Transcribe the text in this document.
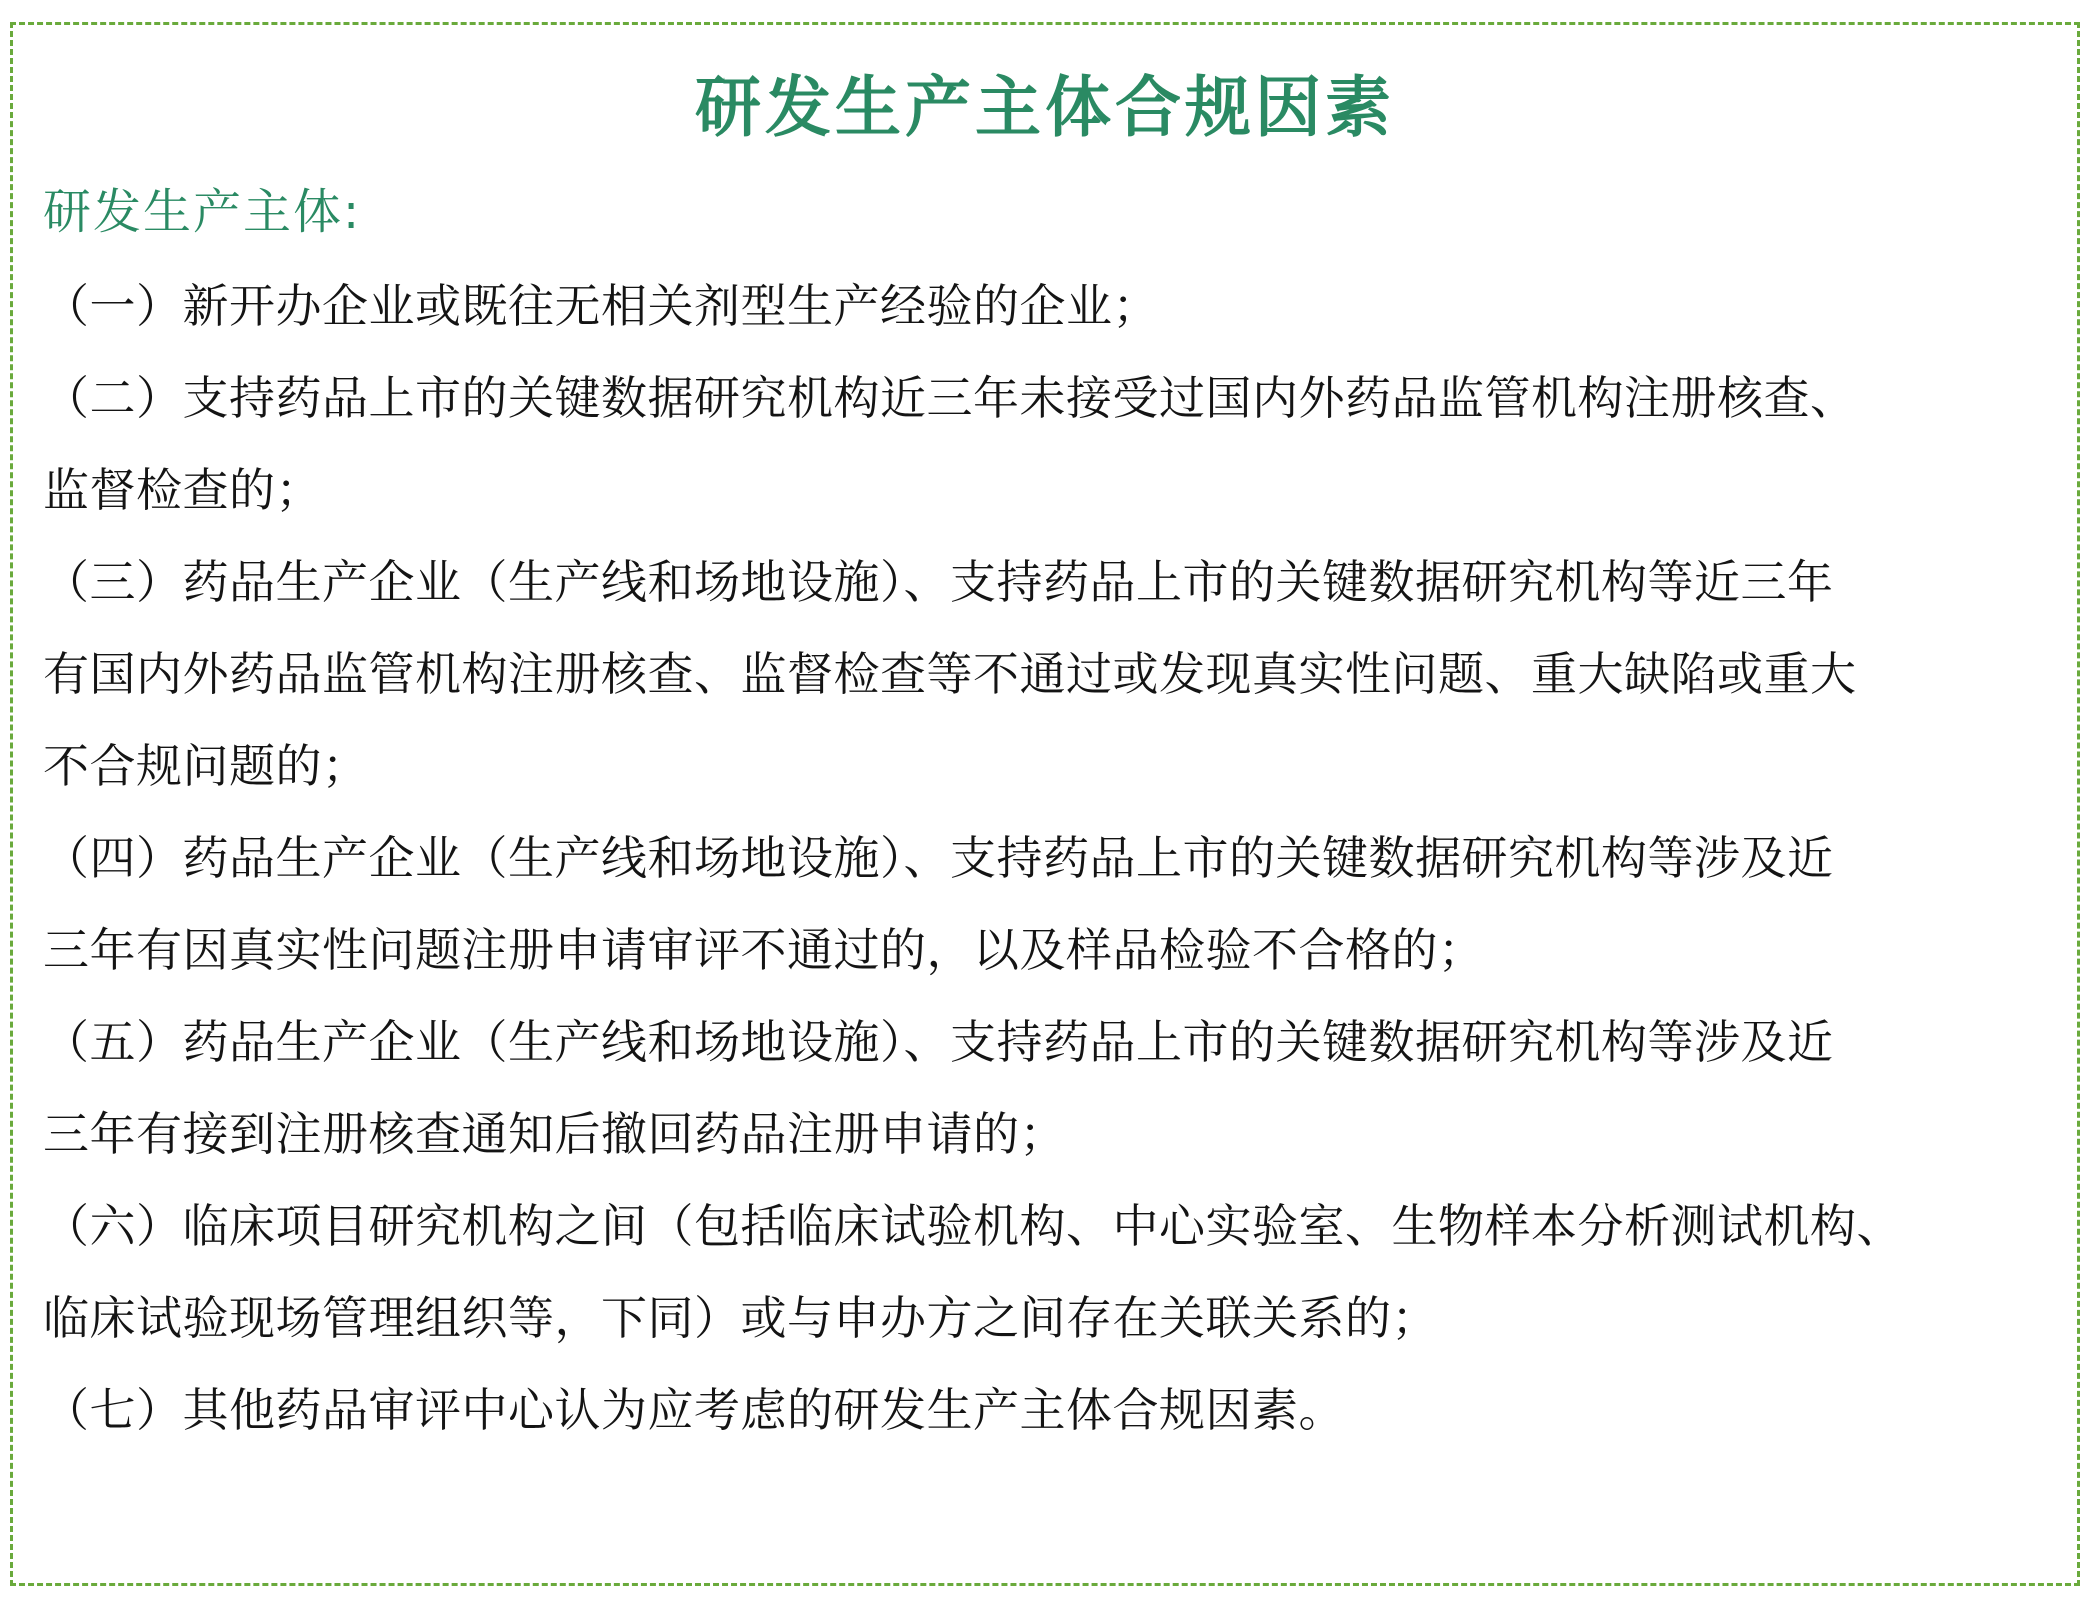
研发生产主体合规因素

研发生产主体:

（一）新开办企业或既往无相关剂型生产经验的企业；
（二）支持药品上市的关键数据研究机构近三年未接受过国内外药品监管机构注册核查、
监督检查的；
（三）药品生产企业（生产线和场地设施）、支持药品上市的关键数据研究机构等近三年
有国内外药品监管机构注册核查、监督检查等不通过或发现真实性问题、重大缺陷或重大
不合规问题的；
（四）药品生产企业（生产线和场地设施）、支持药品上市的关键数据研究机构等涉及近
三年有因真实性问题注册申请审评不通过的，以及样品检验不合格的；
（五）药品生产企业（生产线和场地设施）、支持药品上市的关键数据研究机构等涉及近
三年有接到注册核查通知后撤回药品注册申请的；
（六）临床项目研究机构之间（包括临床试验机构、中心实验室、生物样本分析测试机构、
临床试验现场管理组织等，下同）或与申办方之间存在关联关系的；
（七）其他药品审评中心认为应考虑的研发生产主体合规因素。
